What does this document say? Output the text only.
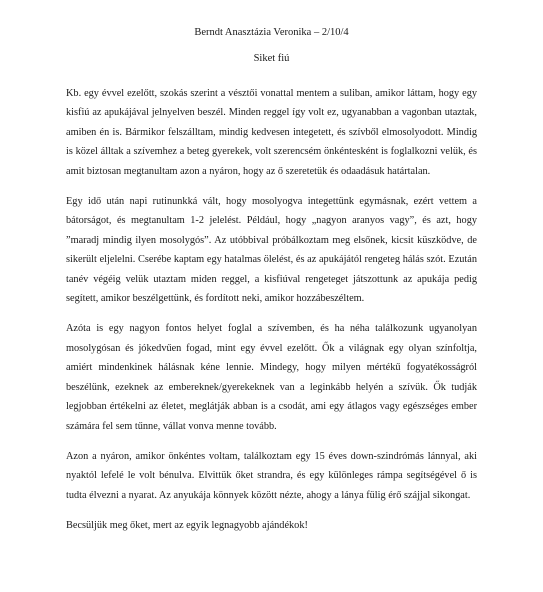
Berndt Anasztázia Veronika – 2/10/4
Siket fiú

Kb. egy évvel ezelőtt, szokás szerint a vésztői vonattal mentem a suliban, amikor láttam, hogy egy kisfiú az apukájával jelnyelven beszél. Minden reggel így volt ez, ugyanabban a vagonban utaztak, amiben én is. Bármikor felszálltam, mindig kedvesen integetett, és szívből elmosolyodott. Mindig is közel álltak a szívemhez a beteg gyerekek, volt szerencsém önkéntesként is foglalkozni velük, és amit biztosan megtanultam azon a nyáron, hogy az ő szeretetük és odaadásuk határtalan.

Egy idő után napi rutinunkká vált, hogy mosolyogva integettünk egymásnak, ezért vettem a bátorságot, és megtanultam 1-2 jelelést. Például, hogy „nagyon aranyos vagy”, és azt, hogy ”maradj mindig ilyen mosolygós”. Az utóbbival próbálkoztam meg elsőnek, kicsit küszködve, de sikerült eljelelni. Cserébe kaptam egy hatalmas ölelést, és az apukájától rengeteg hálás szót. Ezután tanév végéig velük utaztam miden reggel, a kisfiúval rengeteget játszottunk az apukája pedig segített, amikor beszélgettünk, és fordított neki, amikor hozzábeszéltem.

Azóta is egy nagyon fontos helyet foglal a szívemben, és ha néha találkozunk ugyanolyan mosolygósan és jókedvűen fogad, mint egy évvel ezelőtt. Ők a világnak egy olyan színfoltja, amiért mindenkinek hálásnak kéne lennie. Mindegy, hogy milyen mértékű fogyatékosságról beszélünk, ezeknek az embereknek/gyerekeknek van a leginkább helyén a szívük. Ők tudják legjobban értékelni az életet, meglátják abban is a csodát, ami egy átlagos vagy egészséges ember számára fel sem tűnne, vállat vonva menne tovább.

Azon a nyáron, amikor önkéntes voltam, találkoztam egy 15 éves down-szindrómás lánnyal, aki nyaktól lefelé le volt bénulva. Elvittük őket strandra, és egy különleges rámpa segítségével ő is tudta élvezni a nyarat. Az anyukája könnyek között nézte, ahogy a lánya fülig érő szájjal sikongat.

Becsüljük meg őket, mert az egyik legnagyobb ajándékok!
